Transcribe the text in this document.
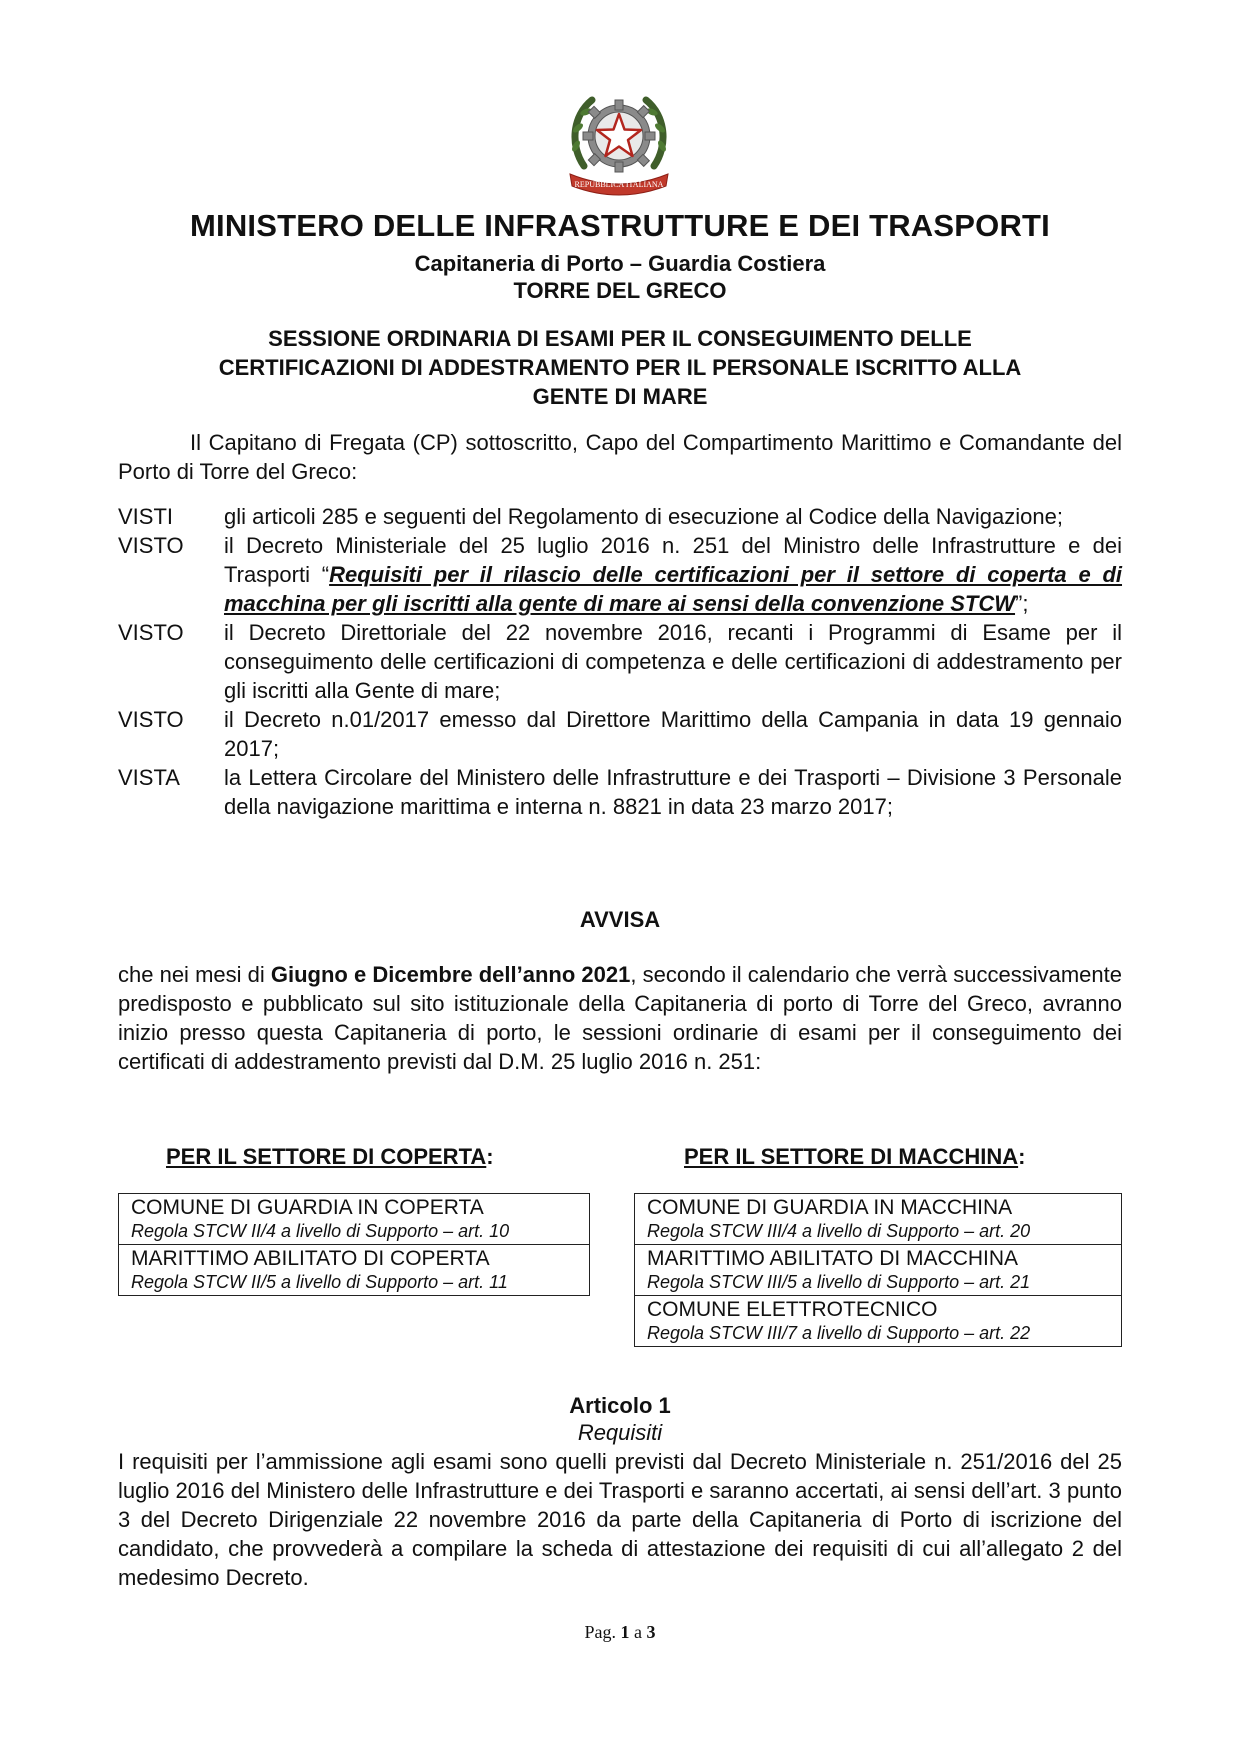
REPUBBLICA ITALIANA
MINISTERO DELLE INFRASTRUTTURE E DEI TRASPORTI
Capitaneria di Porto – Guardia Costiera
TORRE DEL GRECO
SESSIONE ORDINARIA DI ESAMI PER IL CONSEGUIMENTO DELLE
CERTIFICAZIONI DI ADDESTRAMENTO PER IL PERSONALE ISCRITTO ALLA
GENTE DI MARE
Il Capitano di Fregata (CP) sottoscritto, Capo del Compartimento Marittimo e Comandante del Porto di Torre del Greco:
VISTI	gli articoli 285 e seguenti del Regolamento di esecuzione al Codice della Navigazione;
VISTO	il Decreto Ministeriale del 25 luglio 2016 n. 251 del Ministro delle Infrastrutture e dei Trasporti “Requisiti per il rilascio delle certificazioni per il settore di coperta e di macchina per gli iscritti alla gente di mare ai sensi della convenzione STCW”;
VISTO	il Decreto Direttoriale del 22 novembre 2016, recanti i Programmi di Esame per il conseguimento delle certificazioni di competenza e delle certificazioni di addestramento per gli iscritti alla Gente di mare;
VISTO	il Decreto n.01/2017 emesso dal Direttore Marittimo della Campania in data 19 gennaio 2017;
VISTA	la Lettera Circolare del Ministero delle Infrastrutture e dei Trasporti – Divisione 3 Personale della navigazione marittima e interna n. 8821 in data 23 marzo 2017;
AVVISA
che nei mesi di Giugno e Dicembre dell’anno 2021, secondo il calendario che verrà successivamente predisposto e pubblicato sul sito istituzionale della Capitaneria di porto di Torre del Greco, avranno inizio presso questa Capitaneria di porto, le sessioni ordinarie di esami per il conseguimento dei certificati di addestramento previsti dal D.M. 25 luglio 2016 n. 251:
PER IL SETTORE DI COPERTA:	PER IL SETTORE DI MACCHINA:
COMUNE DI GUARDIA IN COPERTA
Regola STCW II/4 a livello di Supporto – art. 10

MARITTIMO ABILITATO DI COPERTA
Regola STCW II/5 a livello di Supporto – art. 11
COMUNE DI GUARDIA IN MACCHINA
Regola STCW III/4 a livello di Supporto – art. 20

MARITTIMO ABILITATO DI MACCHINA
Regola STCW III/5 a livello di Supporto – art. 21

COMUNE ELETTROTECNICO
Regola STCW III/7 a livello di Supporto – art. 22
Articolo 1
Requisiti
I requisiti per l’ammissione agli esami sono quelli previsti dal Decreto Ministeriale n. 251/2016 del 25 luglio 2016 del Ministero delle Infrastrutture e dei Trasporti e saranno accertati, ai sensi dell’art. 3 punto 3 del Decreto Dirigenziale 22 novembre 2016 da parte della Capitaneria di Porto di iscrizione del candidato, che provvederà a compilare la scheda di attestazione dei requisiti di cui all’allegato 2 del medesimo Decreto.
Pag. 1 a 3
